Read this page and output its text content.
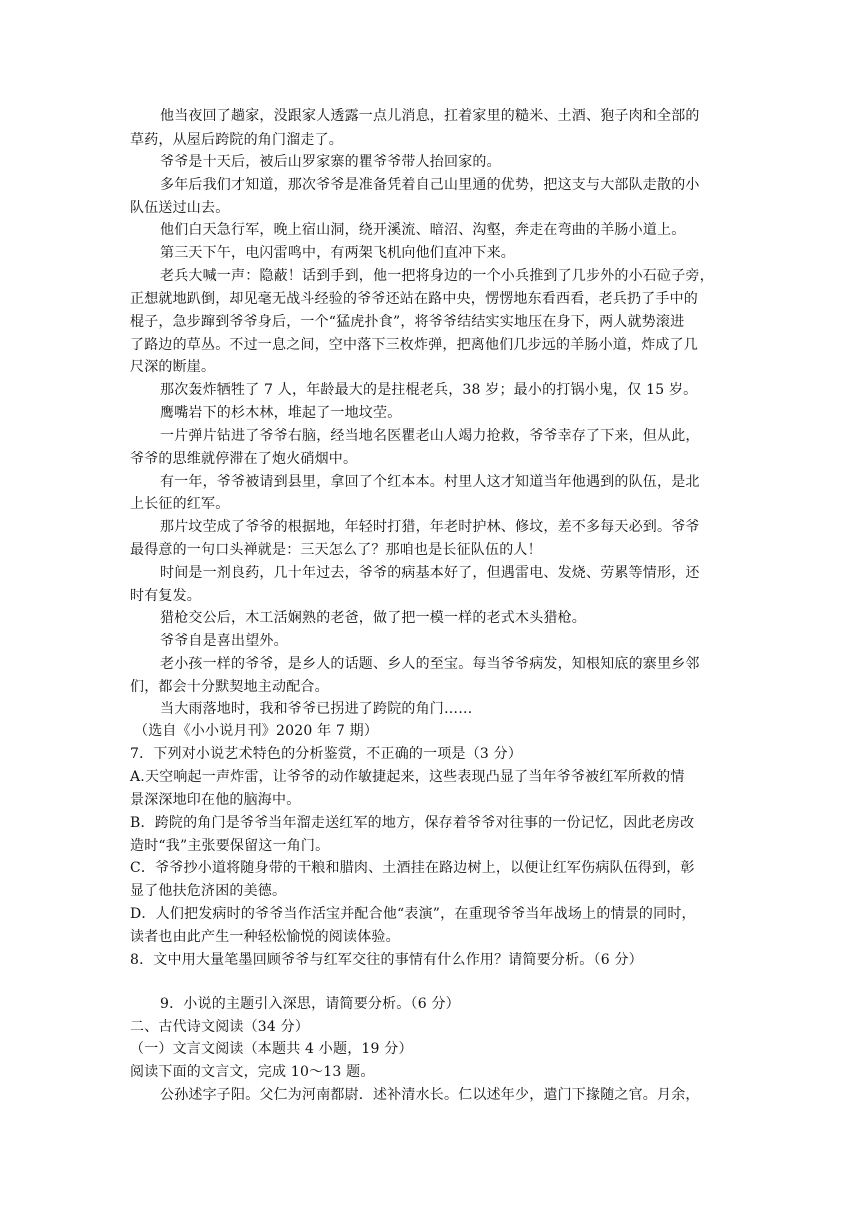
他当夜回了趟家，没跟家人透露一点儿消息，扛着家里的糙米、土酒、狍子肉和全部的
草药，从屋后跨院的角门溜走了。
爷爷是十天后，被后山罗家寨的瞿爷爷带人抬回家的。
多年后我们才知道，那次爷爷是准备凭着自己山里通的优势，把这支与大部队走散的小
队伍送过山去。
他们白天急行军，晚上宿山洞，绕开溪流、暗沼、沟壑，奔走在弯曲的羊肠小道上。
第三天下午，电闪雷鸣中，有两架飞机向他们直冲下来。
老兵大喊一声：隐蔽！话到手到，他一把将身边的一个小兵推到了几步外的小石砬子旁，
正想就地趴倒，却见毫无战斗经验的爷爷还站在路中央，愣愣地东看西看，老兵扔了手中的
棍子，急步蹿到爷爷身后，一个“猛虎扑食”，将爷爷结结实实地压在身下，两人就势滚进
了路边的草丛。不过一息之间，空中落下三枚炸弹，把离他们几步远的羊肠小道，炸成了几
尺深的断崖。
那次轰炸牺牲了 7 人，年龄最大的是拄棍老兵，38 岁；最小的打锅小鬼，仅 15 岁。
鹰嘴岩下的杉木林，堆起了一地坟茔。
一片弹片钻进了爷爷右脑，经当地名医瞿老山人竭力抢救，爷爷幸存了下来，但从此，
爷爷的思维就停滞在了炮火硝烟中。
有一年，爷爷被请到县里，拿回了个红本本。村里人这才知道当年他遇到的队伍，是北
上长征的红军。
那片坟茔成了爷爷的根据地，年轻时打猎，年老时护林、修坟，差不多每天必到。爷爷
最得意的一句口头禅就是：三天怎么了？那咱也是长征队伍的人！
时间是一剂良药，几十年过去，爷爷的病基本好了，但遇雷电、发烧、劳累等情形，还
时有复发。
猎枪交公后，木工活娴熟的老爸，做了把一模一样的老式木头猎枪。
爷爷自是喜出望外。
老小孩一样的爷爷，是乡人的话题、乡人的至宝。每当爷爷病发，知根知底的寨里乡邻
们，都会十分默契地主动配合。
当大雨落地时，我和爷爷已拐进了跨院的角门……
（选自《小小说月刊》2020 年 7 期）
7．下列对小说艺术特色的分析鉴赏，不正确的一项是（3 分）
A.天空响起一声炸雷，让爷爷的动作敏捷起来，这些表现凸显了当年爷爷被红军所救的情
景深深地印在他的脑海中。
B．跨院的角门是爷爷当年溜走送红军的地方，保存着爷爷对往事的一份记忆，因此老房改
造时“我”主张要保留这一角门。
C．爷爷抄小道将随身带的干粮和腊肉、土酒挂在路边树上，以便让红军伤病队伍得到，彰
显了他扶危济困的美德。
D．人们把发病时的爷爷当作活宝并配合他“表演”，在重现爷爷当年战场上的情景的同时，
读者也由此产生一种轻松愉悦的阅读体验。
8．文中用大量笔墨回顾爷爷与红军交往的事情有什么作用？请简要分析。（6 分）
9．小说的主题引入深思，请简要分析。（6 分）
二、古代诗文阅读（34 分）
（一）文言文阅读（本题共 4 小题，19 分）
阅读下面的文言文，完成 10～13 题。
公孙述字子阳。父仁为河南都尉．述补清水长。仁以述年少，遣门下掾随之官。月余，
